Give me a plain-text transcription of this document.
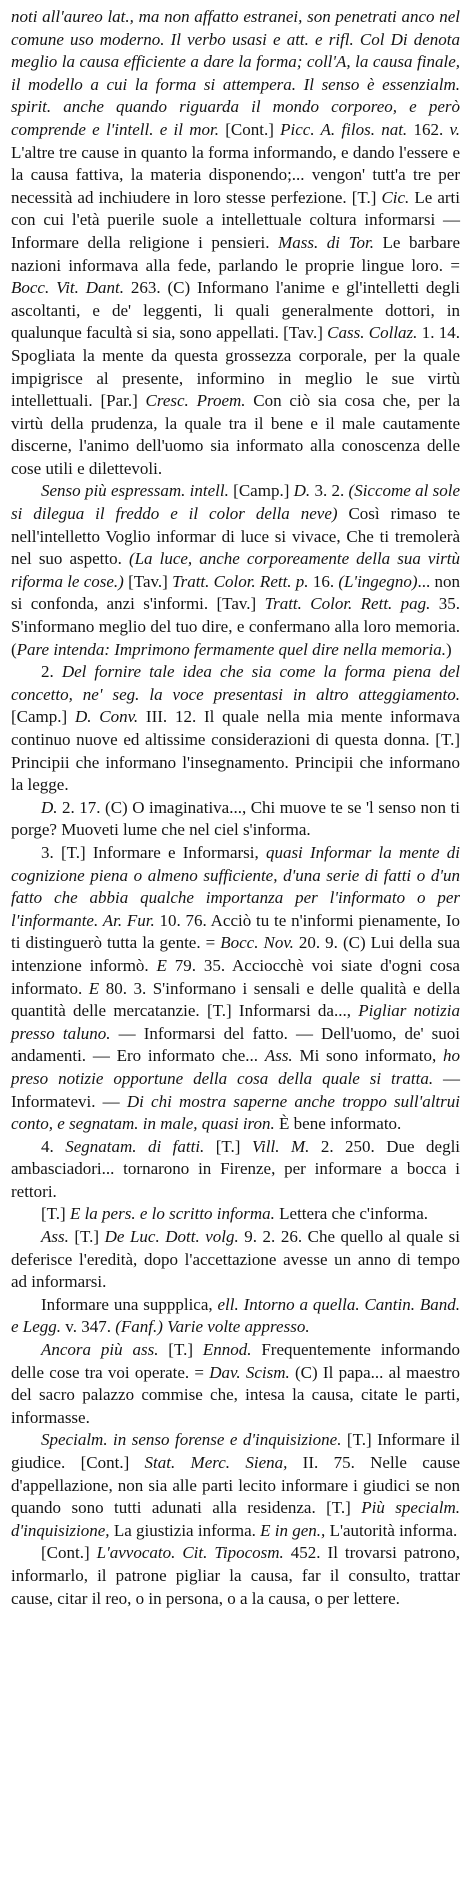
noti all'aureo lat., ma non affatto estranei, son penetrati anco nel comune uso moderno. Il verbo usasi e att. e rifl. Col Di denota meglio la causa efficiente a dare la forma; coll'A, la causa finale, il modello a cui la forma si attempera. Il senso è essenzialm. spirit. anche quando riguarda il mondo corporeo, e però comprende e l'intell. e il mor. [Cont.] Picc. A. filos. nat. 162. v. L'altre tre cause in quanto la forma informando, e dando l'essere e la causa fattiva, la materia disponendo;... vengon' tutt'a tre per necessità ad inchiudere in loro stesse perfezione. [T.] Cic. Le arti con cui l'età puerile suole a intellettuale coltura informarsi — Informare della religione i pensieri. Mass. di Tor. Le barbare nazioni informava alla fede, parlando le proprie lingue loro. = Bocc. Vit. Dant. 263. (C) Informano l'anime e gl'intelletti degli ascoltanti, e de' leggenti, li quali generalmente dottori, in qualunque facultà si sia, sono appellati. [Tav.] Cass. Collaz. 1. 14. Spogliata la mente da questa grossezza corporale, per la quale impigrisce al presente, informino in meglio le sue virtù intellettuali. [Par.] Cresc. Proem. Con ciò sia cosa che, per la virtù della prudenza, la quale tra il bene e il male cautamente discerne, l'animo dell'uomo sia informato alla conoscenza delle cose utili e dilettevoli.

Senso più espressam. intell. [Camp.] D. 3. 2. (Siccome al sole si dilegua il freddo e il color della neve) Così rimaso te nell'intelletto Voglio informar di luce si vivace, Che ti tremolerà nel suo aspetto. (La luce, anche corporeamente della sua virtù riforma le cose.) [Tav.] Tratt. Color. Rett. p. 16. (L'ingegno)... non si confonda, anzi s'informi. [Tav.] Tratt. Color. Rett. pag. 35. S'informano meglio del tuo dire, e confermano alla loro memoria. (Pare intenda: Imprimono fermamente quel dire nella memoria.)

2. Del fornire tale idea che sia come la forma piena del concetto, ne' seg. la voce presentasi in altro atteggiamento. [Camp.] D. Conv. III. 12. Il quale nella mia mente informava continuo nuove ed altissime considerazioni di questa donna. [T.] Principii che informano l'insegnamento. Principii che informano la legge.

D. 2. 17. (C) O imaginativa..., Chi muove te se 'l senso non ti porge? Muoveti lume che nel ciel s'informa.

3. [T.] Informare e Informarsi, quasi Informar la mente di cognizione piena o almeno sufficiente, d'una serie di fatti o d'un fatto che abbia qualche importanza per l'informato o per l'informante. Ar. Fur. 10. 76. Acciò tu te n'informi pienamente, Io ti distinguerò tutta la gente. = Bocc. Nov. 20. 9. (C) Lui della sua intenzione informò. E 79. 35. Acciocchè voi siate d'ogni cosa informato. E 80. 3. S'informano i sensali e delle qualità e della quantità delle mercatanzie. [T.] Informarsi da..., Pigliar notizia presso taluno. — Informarsi del fatto. — Dell'uomo, de' suoi andamenti. — Ero informato che... Ass. Mi sono informato, ho preso notizie opportune della cosa della quale si tratta. — Informatevi. — Di chi mostra saperne anche troppo sull'altrui conto, e segnatam. in male, quasi iron. È bene informato.

4. Segnatam. di fatti. [T.] Vill. M. 2. 250. Due degli ambasciadori... tornarono in Firenze, per informare a bocca i rettori.

[T.] E la pers. e lo scritto informa. Lettera che c'informa.

Ass. [T.] De Luc. Dott. volg. 9. 2. 26. Che quello al quale si deferisce l'eredità, dopo l'accettazione avesse un anno di tempo ad informarsi.

Informare una suppplica, ell. Intorno a quella. Cantin. Band. e Legg. v. 347. (Fanf.) Varie volte appresso.

Ancora più ass. [T.] Ennod. Frequentemente informando delle cose tra voi operate. = Dav. Scism. (C) Il papa... al maestro del sacro palazzo commise che, intesa la causa, citate le parti, informasse.

Specialm. in senso forense e d'inquisizione. [T.] Informare il giudice. [Cont.] Stat. Merc. Siena, II. 75. Nelle cause d'appellazione, non sia alle parti lecito informare i giudici se non quando sono tutti adunati alla residenza. [T.] Più specialm. d'inquisizione, La giustizia informa. E in gen., L'autorità informa.

[Cont.] L'avvocato. Cit. Tipocosm. 452. Il trovarsi patrono, informarlo, il patrone pigliar la causa, far il consulto, trattar cause, citar il reo, o in persona, o a la causa, o per lettere.
